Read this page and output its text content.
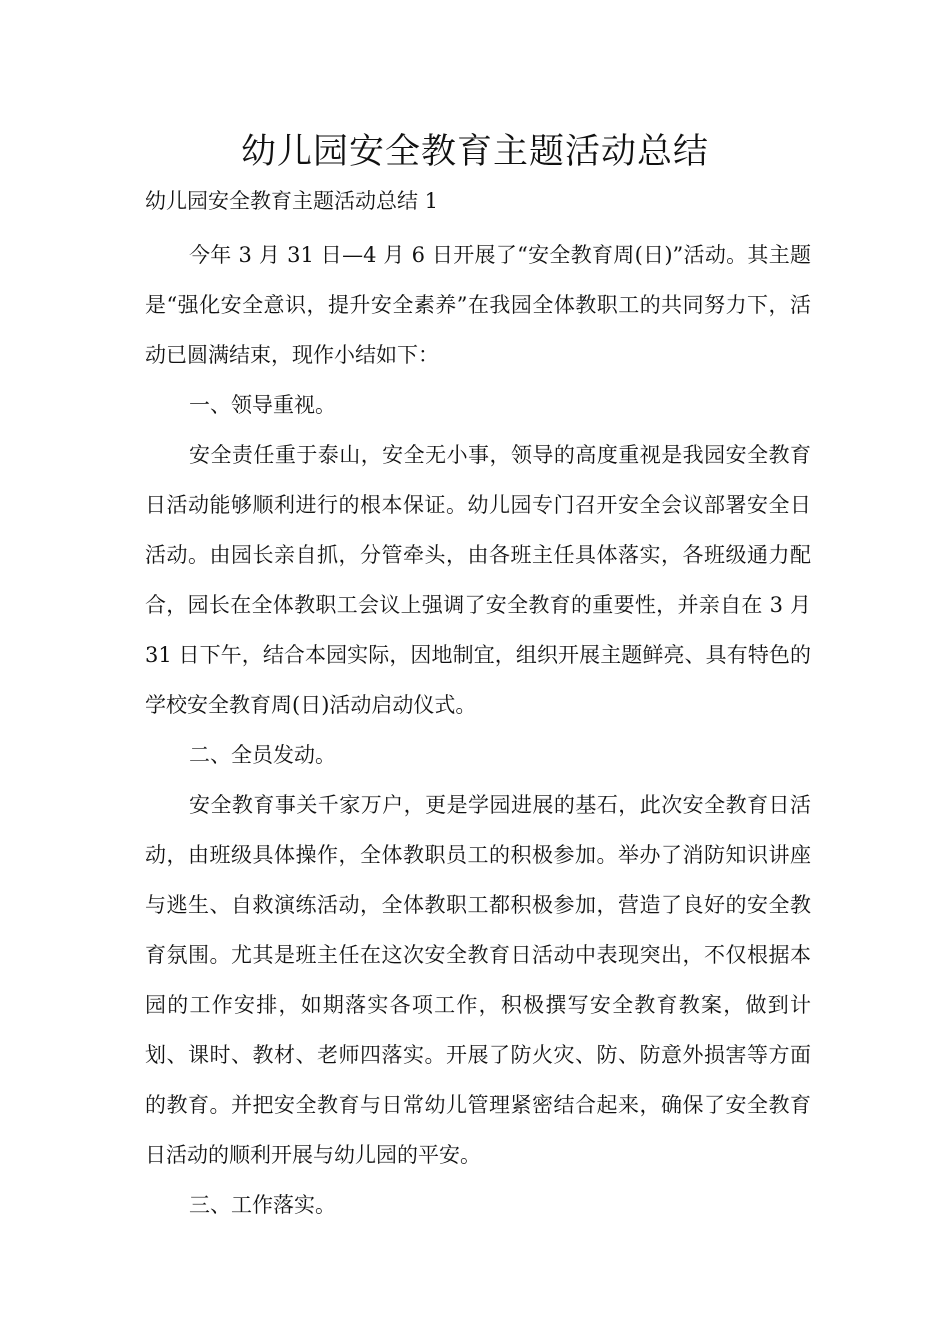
幼儿园安全教育主题活动总结

幼儿园安全教育主题活动总结 1

今年 3 月 31 日—4 月 6 日开展了“安全教育周(日)”活动。其主题是“强化安全意识，提升安全素养”在我园全体教职工的共同努力下，活动已圆满结束，现作小结如下：

一、领导重视。

安全责任重于泰山，安全无小事，领导的高度重视是我园安全教育日活动能够顺利进行的根本保证。幼儿园专门召开安全会议部署安全日活动。由园长亲自抓，分管牵头，由各班主任具体落实，各班级通力配合，园长在全体教职工会议上强调了安全教育的重要性，并亲自在 3 月 31 日下午，结合本园实际，因地制宜，组织开展主题鲜亮、具有特色的学校安全教育周(日)活动启动仪式。

二、全员发动。

安全教育事关千家万户，更是学园进展的基石，此次安全教育日活动，由班级具体操作，全体教职员工的积极参加。举办了消防知识讲座与逃生、自救演练活动，全体教职工都积极参加，营造了良好的安全教育氛围。尤其是班主任在这次安全教育日活动中表现突出，不仅根据本园的工作安排，如期落实各项工作，积极撰写安全教育教案，做到计划、课时、教材、老师四落实。开展了防火灾、防、防意外损害等方面的教育。并把安全教育与日常幼儿管理紧密结合起来，确保了安全教育日活动的顺利开展与幼儿园的平安。

三、工作落实。
